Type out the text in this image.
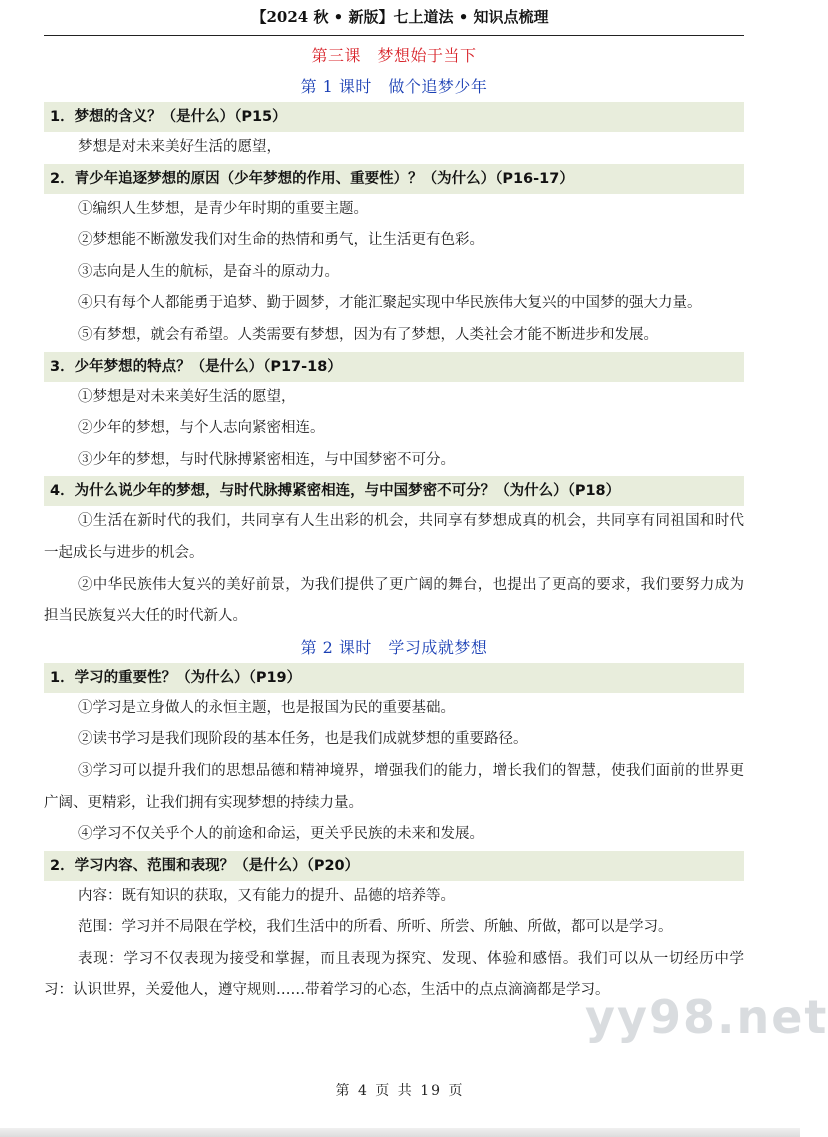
【2024 秋 • 新版】七上道法 • 知识点梳理
第三课　梦想始于当下
第 1 课时　做个追梦少年
1．梦想的含义？（是什么）（P15）
梦想是对未来美好生活的愿望，
2．青少年追逐梦想的原因（少年梦想的作用、重要性）？（为什么）（P16-17）
①编织人生梦想，是青少年时期的重要主题。
②梦想能不断激发我们对生命的热情和勇气，让生活更有色彩。
③志向是人生的航标，是奋斗的原动力。
④只有每个人都能勇于追梦、勤于圆梦，才能汇聚起实现中华民族伟大复兴的中国梦的强大力量。
⑤有梦想，就会有希望。人类需要有梦想，因为有了梦想，人类社会才能不断进步和发展。
3．少年梦想的特点？（是什么）（P17-18）
①梦想是对未来美好生活的愿望，
②少年的梦想，与个人志向紧密相连。
③少年的梦想，与时代脉搏紧密相连，与中国梦密不可分。
4．为什么说少年的梦想，与时代脉搏紧密相连，与中国梦密不可分？（为什么）（P18）
①生活在新时代的我们，共同享有人生出彩的机会，共同享有梦想成真的机会，共同享有同祖国和时代一起成长与进步的机会。
②中华民族伟大复兴的美好前景，为我们提供了更广阔的舞台，也提出了更高的要求，我们要努力成为担当民族复兴大任的时代新人。
第 2 课时　学习成就梦想
1．学习的重要性？（为什么）（P19）
①学习是立身做人的永恒主题，也是报国为民的重要基础。
②读书学习是我们现阶段的基本任务，也是我们成就梦想的重要路径。
③学习可以提升我们的思想品德和精神境界，增强我们的能力，增长我们的智慧，使我们面前的世界更广阔、更精彩，让我们拥有实现梦想的持续力量。
④学习不仅关乎个人的前途和命运，更关乎民族的未来和发展。
2．学习内容、范围和表现？（是什么）（P20）
内容：既有知识的获取，又有能力的提升、品德的培养等。
范围：学习并不局限在学校，我们生活中的所看、所听、所尝、所触、所做，都可以是学习。
表现：学习不仅表现为接受和掌握，而且表现为探究、发现、体验和感悟。我们可以从一切经历中学习：认识世界，关爱他人，遵守规则……带着学习的心态，生活中的点点滴滴都是学习。
yy98.net
第 4 页 共 19 页
